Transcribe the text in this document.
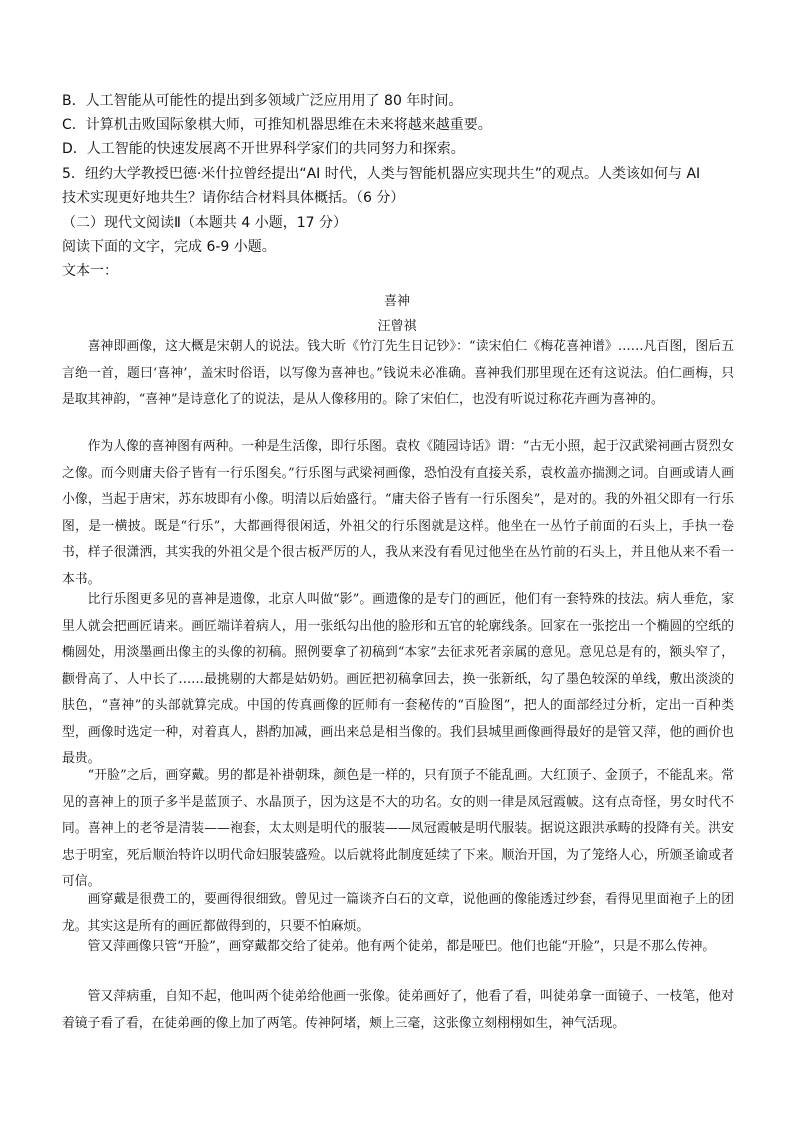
B．人工智能从可能性的提出到多领域广泛应用用了 80 年时间。
C．计算机击败国际象棋大师，可推知机器思维在未来将越来越重要。
D．人工智能的快速发展离不开世界科学家们的共同努力和探索。
5．纽约大学教授巴德·米什拉曾经提出“AI 时代，人类与智能机器应实现共生”的观点。人类该如何与 AI
技术实现更好地共生？请你结合材料具体概括。（6 分）
（二）现代文阅读Ⅱ（本题共 4 小题，17 分）
阅读下面的文字，完成 6-9 小题。
文本一：
喜神
汪曾祺

喜神即画像，这大概是宋朝人的说法。钱大昕《竹汀先生日记钞》：“读宋伯仁《梅花喜神谱》……凡百图，图后五言绝一首，题曰‘喜神’，盖宋时俗语，以写像为喜神也。”钱说未必准确。喜神我们那里现在还有这说法。伯仁画梅，只是取其神韵，“喜神”是诗意化了的说法，是从人像移用的。除了宋伯仁，也没有听说过称花卉画为喜神的。

作为人像的喜神图有两种。一种是生活像，即行乐图。袁枚《随园诗话》谓：“古无小照，起于汉武梁祠画古贤烈女之像。而今则庸夫俗子皆有一行乐图矣。”行乐图与武梁祠画像，恐怕没有直接关系，袁枚盖亦揣测之词。自画或请人画小像，当起于唐宋，苏东坡即有小像。明清以后始盛行。“庸夫俗子皆有一行乐图矣”，是对的。我的外祖父即有一行乐图，是一横披。既是“行乐”，大都画得很闲适，外祖父的行乐图就是这样。他坐在一丛竹子前面的石头上，手执一卷书，样子很潇洒，其实我的外祖父是个很古板严厉的人，我从来没有看见过他坐在丛竹前的石头上，并且他从来不看一本书。

比行乐图更多见的喜神是遗像，北京人叫做“影”。画遗像的是专门的画匠，他们有一套特殊的技法。病人垂危，家里人就会把画匠请来。画匠端详着病人，用一张纸勾出他的脸形和五官的轮廓线条。回家在一张挖出一个椭圆的空纸的椭圆处，用淡墨画出像主的头像的初稿。照例要拿了初稿到“本家”去征求死者亲属的意见。意见总是有的，额头窄了，颧骨高了、人中长了……最挑剔的大都是姑奶奶。画匠把初稿拿回去，换一张新纸，勾了墨色较深的单线，敷出淡淡的肤色，“喜神”的头部就算完成。中国的传真画像的匠师有一套秘传的“百脸图”，把人的面部经过分析，定出一百种类型，画像时选定一种，对着真人，斟酌加减，画出来总是相当像的。我们县城里画像画得最好的是管又萍，他的画价也最贵。

“开脸”之后，画穿戴。男的都是补褂朝珠，颜色是一样的，只有顶子不能乱画。大红顶子、金顶子，不能乱来。常见的喜神上的顶子多半是蓝顶子、水晶顶子，因为这是不大的功名。女的则一律是凤冠霞帔。这有点奇怪，男女时代不同。喜神上的老爷是清装——袍套，太太则是明代的服装——凤冠霞帔是明代服装。据说这跟洪承畴的投降有关。洪安忠于明室，死后顺治特许以明代命妇服装盛殓。以后就将此制度延续了下来。顺治开国，为了笼络人心，所颁圣谕或者可信。

画穿戴是很费工的，要画得很细致。曾见过一篇谈齐白石的文章，说他画的像能透过纱套，看得见里面袍子上的团龙。其实这是所有的画匠都做得到的，只要不怕麻烦。

管又萍画像只管“开脸”，画穿戴都交给了徒弟。他有两个徒弟，都是哑巴。他们也能“开脸”，只是不那么传神。

管又萍病重，自知不起，他叫两个徒弟给他画一张像。徒弟画好了，他看了看，叫徒弟拿一面镜子、一枝笔，他对着镜子看了看，在徒弟画的像上加了两笔。传神阿堵，颊上三毫，这张像立刻栩栩如生，神气活现。
